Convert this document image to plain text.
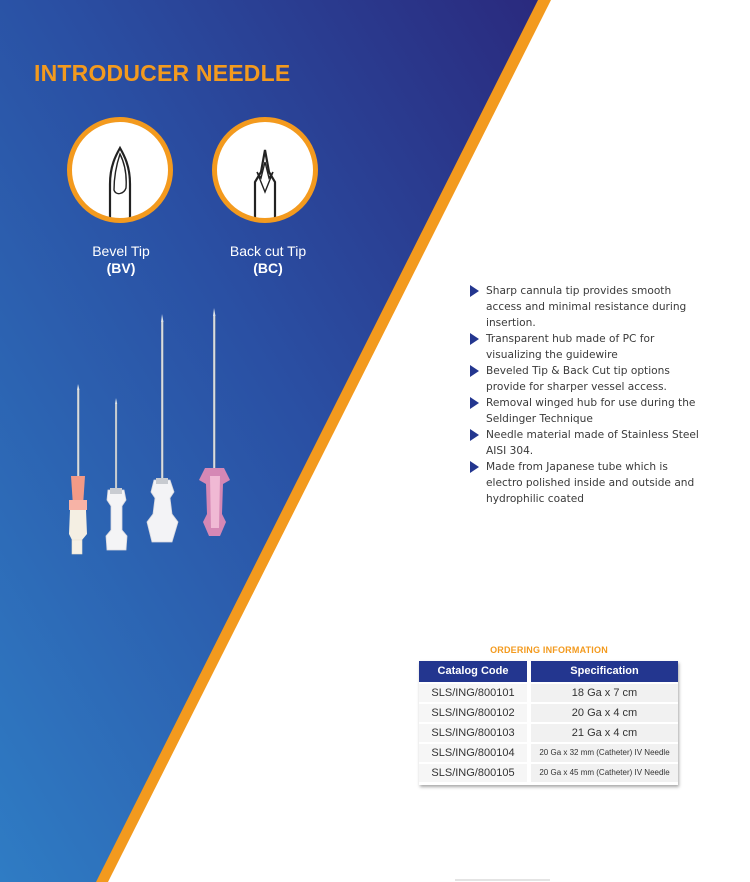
INTRODUCER NEEDLE
Bevel Tip
(BV)
Back cut Tip
(BC)
Sharp cannula tip provides smooth access and minimal resistance during insertion.
Transparent hub made of PC for visualizing the guidewire
Beveled Tip & Back Cut tip options provide for sharper vessel access.
Removal winged hub for use during the Seldinger Technique
Needle material made of Stainless Steel AISI 304.
Made from Japanese tube which is electro polished inside and outside and hydrophilic coated
ORDERING INFORMATION
Catalog Code	Specification
SLS/ING/800101	18 Ga x 7 cm
SLS/ING/800102	20 Ga x 4 cm
SLS/ING/800103	21 Ga x 4 cm
SLS/ING/800104	20 Ga x 32 mm (Catheter) IV Needle
SLS/ING/800105	20 Ga x 45 mm (Catheter) IV Needle
